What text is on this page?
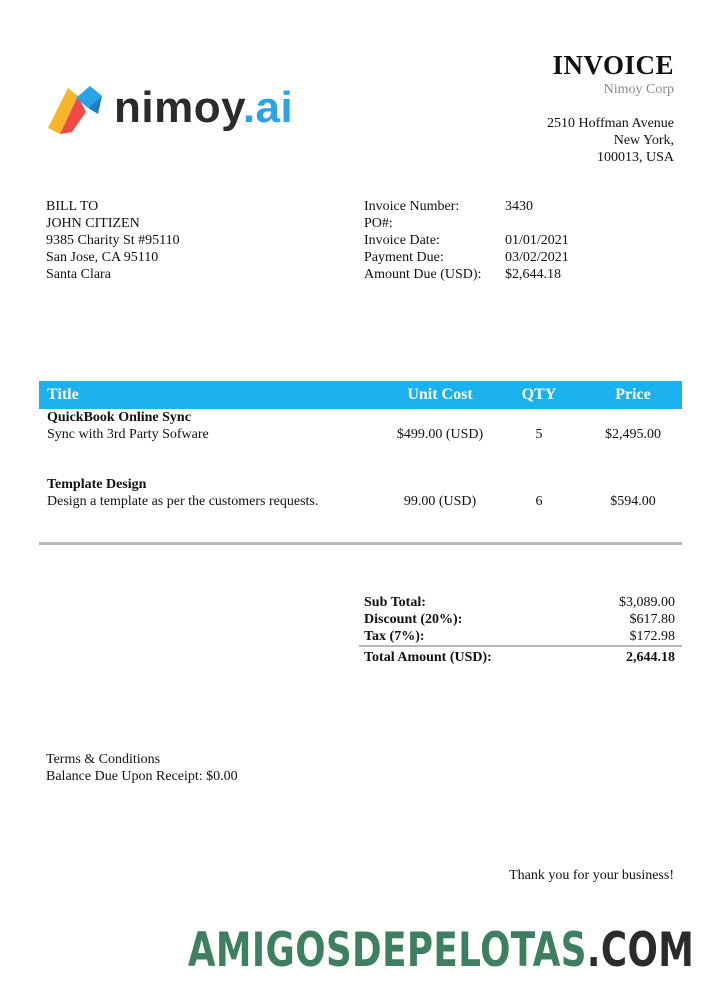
nimoy.ai
INVOICE
Nimoy Corp
2510 Hoffman Avenue
New York,
100013, USA
BILL TO
JOHN CITIZEN
9385 Charity St #95110
San Jose, CA 95110
Santa Clara
Invoice Number:	3430
PO#:
Invoice Date:	01/01/2021
Payment Due:	03/02/2021
Amount Due (USD):	$2,644.18
Title	Unit Cost	QTY	Price
QuickBook Online Sync
Sync with 3rd Party Sofware	$499.00 (USD)	5	$2,495.00
Template Design
Design a template as per the customers requests.	99.00 (USD)	6	$594.00
Sub Total:	$3,089.00
Discount (20%):	$617.80
Tax (7%):	$172.98
Total Amount (USD):	2,644.18
Terms & Conditions
Balance Due Upon Receipt: $0.00
Thank you for your business!
AMIGOSDEPELOTAS.COM
